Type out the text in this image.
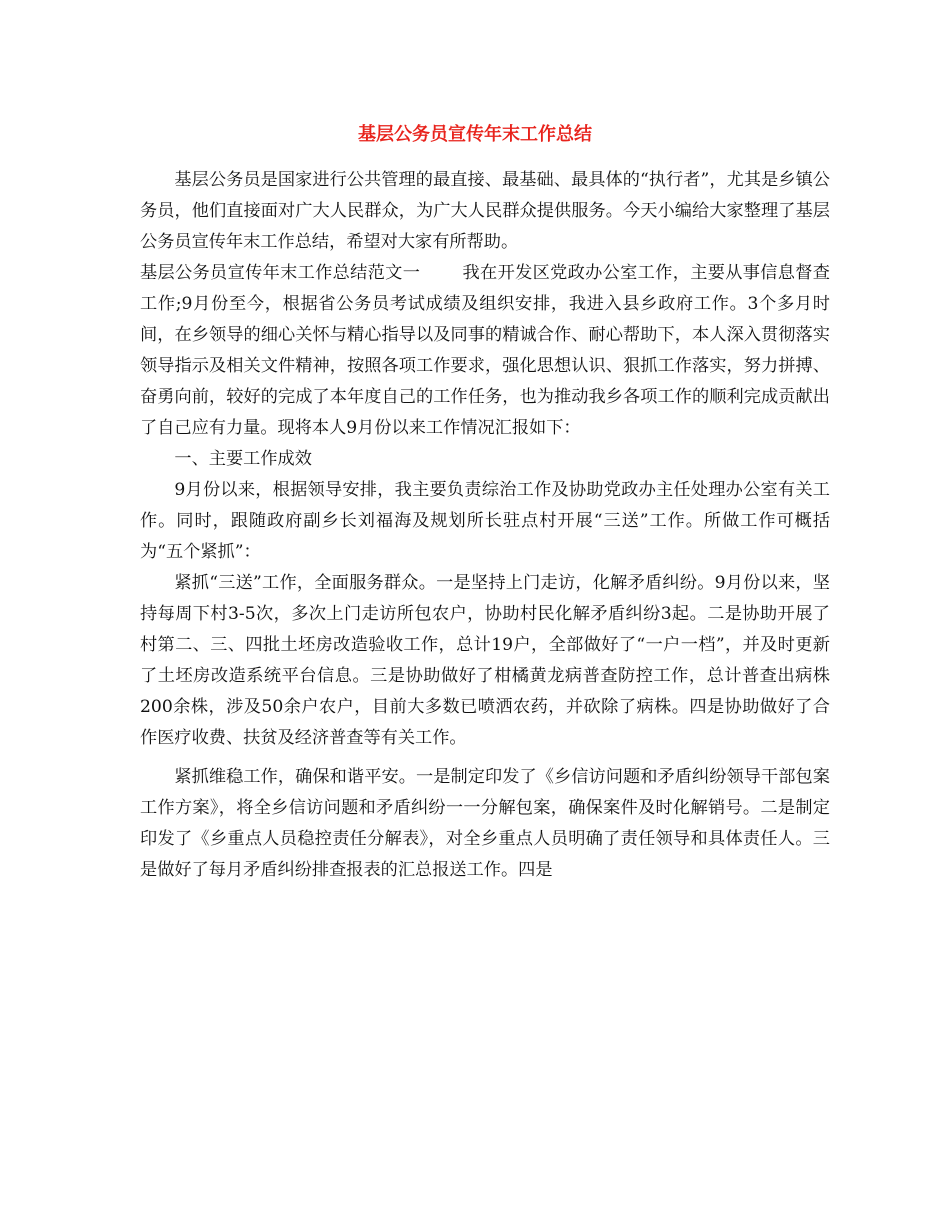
基层公务员宣传年末工作总结

基层公务员是国家进行公共管理的最直接、最基础、最具体的“执行者”，尤其是乡镇公务员，他们直接面对广大人民群众，为广大人民群众提供服务。今天小编给大家整理了基层公务员宣传年末工作总结，希望对大家有所帮助。

基层公务员宣传年末工作总结范文一 我在开发区党政办公室工作，主要从事信息督查工作;9月份至今，根据省公务员考试成绩及组织安排，我进入县乡政府工作。3个多月时间，在乡领导的细心关怀与精心指导以及同事的精诚合作、耐心帮助下，本人深入贯彻落实领导指示及相关文件精神，按照各项工作要求，强化思想认识、狠抓工作落实，努力拼搏、奋勇向前，较好的完成了本年度自己的工作任务，也为推动我乡各项工作的顺利完成贡献出了自己应有力量。现将本人9月份以来工作情况汇报如下：

一、主要工作成效

9月份以来，根据领导安排，我主要负责综治工作及协助党政办主任处理办公室有关工作。同时，跟随政府副乡长刘福海及规划所长驻点村开展“三送”工作。所做工作可概括为“五个紧抓”：

紧抓“三送”工作，全面服务群众。一是坚持上门走访，化解矛盾纠纷。9月份以来，坚持每周下村3-5次，多次上门走访所包农户，协助村民化解矛盾纠纷3起。二是协助开展了村第二、三、四批土坯房改造验收工作，总计19户，全部做好了“一户一档”，并及时更新了土坯房改造系统平台信息。三是协助做好了柑橘黄龙病普查防控工作，总计普查出病株200余株，涉及50余户农户，目前大多数已喷洒农药，并砍除了病株。四是协助做好了合作医疗收费、扶贫及经济普查等有关工作。

紧抓维稳工作，确保和谐平安。一是制定印发了《乡信访问题和矛盾纠纷领导干部包案工作方案》，将全乡信访问题和矛盾纠纷一一分解包案，确保案件及时化解销号。二是制定印发了《乡重点人员稳控责任分解表》，对全乡重点人员明确了责任领导和具体责任人。三是做好了每月矛盾纠纷排查报表的汇总报送工作。四是
